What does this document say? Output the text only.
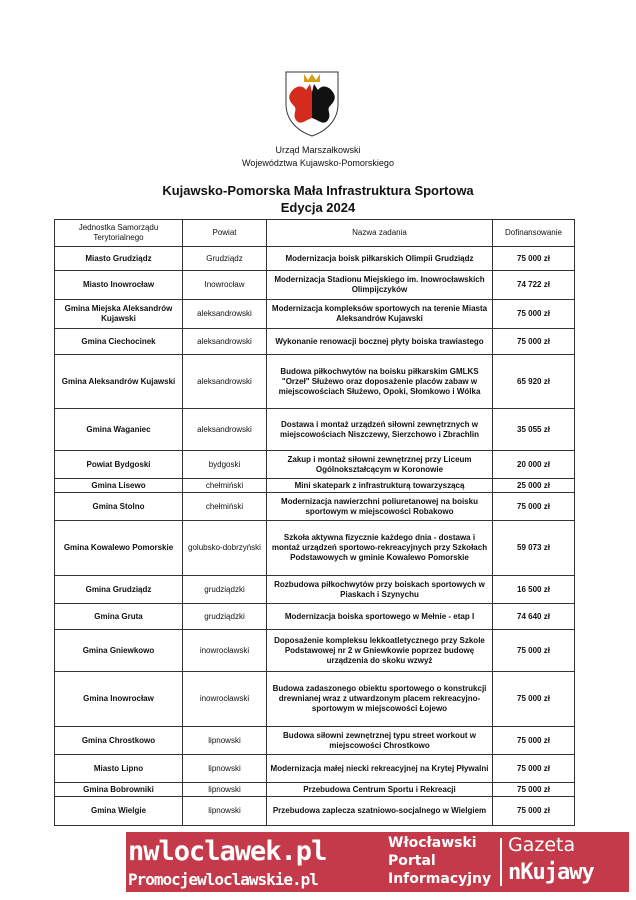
Urząd Marszałkowski
Województwa Kujawsko-Pomorskiego
Kujawsko-Pomorska Mała Infrastruktura Sportowa
Edycja 2024
Jednostka Samorządu Terytorialnego	Powiat	Nazwa zadania	Dofinansowanie
Miasto Grudziądz	Grudziądz	Modernizacja boisk piłkarskich Olimpii Grudziądz	75 000 zł
Miasto Inowrocław	Inowrocław	Modernizacja Stadionu Miejskiego im. Inowrocławskich Olimpijczyków	74 722 zł
Gmina Miejska Aleksandrów Kujawski	aleksandrowski	Modernizacja kompleksów sportowych na terenie Miasta Aleksandrów Kujawski	75 000 zł
Gmina Ciechocinek	aleksandrowski	Wykonanie renowacji bocznej płyty boiska trawiastego	75 000 zł
Gmina Aleksandrów Kujawski	aleksandrowski	Budowa piłkochwytów na boisku piłkarskim GMLKS "Orzeł" Służewo oraz doposażenie placów zabaw w miejscowościach Służewo, Opoki, Słomkowo i Wólka	65 920 zł
Gmina Waganiec	aleksandrowski	Dostawa i montaż urządzeń siłowni zewnętrznych w miejscowościach Niszczewy, Sierzchowo i Zbrachlin	35 055 zł
Powiat Bydgoski	bydgoski	Zakup i montaż siłowni zewnętrznej przy Liceum Ogólnokształcącym w Koronowie	20 000 zł
Gmina Lisewo	chełmiński	Mini skatepark z infrastrukturą towarzyszącą	25 000 zł
Gmina Stolno	chełmiński	Modernizacja nawierzchni poliuretanowej na boisku sportowym w miejscowości Robakowo	75 000 zł
Gmina Kowalewo Pomorskie	golubsko-dobrzyński	Szkoła aktywna fizycznie każdego dnia - dostawa i montaż urządzeń sportowo-rekreacyjnych przy Szkołach Podstawowych w gminie Kowalewo Pomorskie	59 073 zł
Gmina Grudziądz	grudziądzki	Rozbudowa piłkochwytów przy boiskach sportowych w Piaskach i Szynychu	16 500 zł
Gmina Gruta	grudziądzki	Modernizacja boiska sportowego w Mełnie - etap I	74 640 zł
Gmina Gniewkowo	inowrocławski	Doposażenie kompleksu lekkoatletycznego przy Szkole Podstawowej nr 2 w Gniewkowie poprzez budowę urządzenia do skoku wzwyż	75 000 zł
Gmina Inowrocław	inowrocławski	Budowa zadaszonego obiektu sportowego o konstrukcji drewnianej wraz z utwardzonym placem rekreacyjno-sportowym w miejscowości Łojewo	75 000 zł
Gmina Chrostkowo	lipnowski	Budowa siłowni zewnętrznej typu street workout w miejscowości Chrostkowo	75 000 zł
Miasto Lipno	lipnowski	Modernizacja małej niecki rekreacyjnej na Krytej Pływalni	75 000 zł
Gmina Bobrowniki	lipnowski	Przebudowa Centrum Sportu i Rekreacji	75 000 zł
Gmina Wielgie	lipnowski	Przebudowa zaplecza szatniowo-socjalnego w Wielgiem	75 000 zł
nwloclawek.pl
Promocjewloclawskie.pl
Włocławski
Portal
Informacyjny
Gazeta
nKujawy
